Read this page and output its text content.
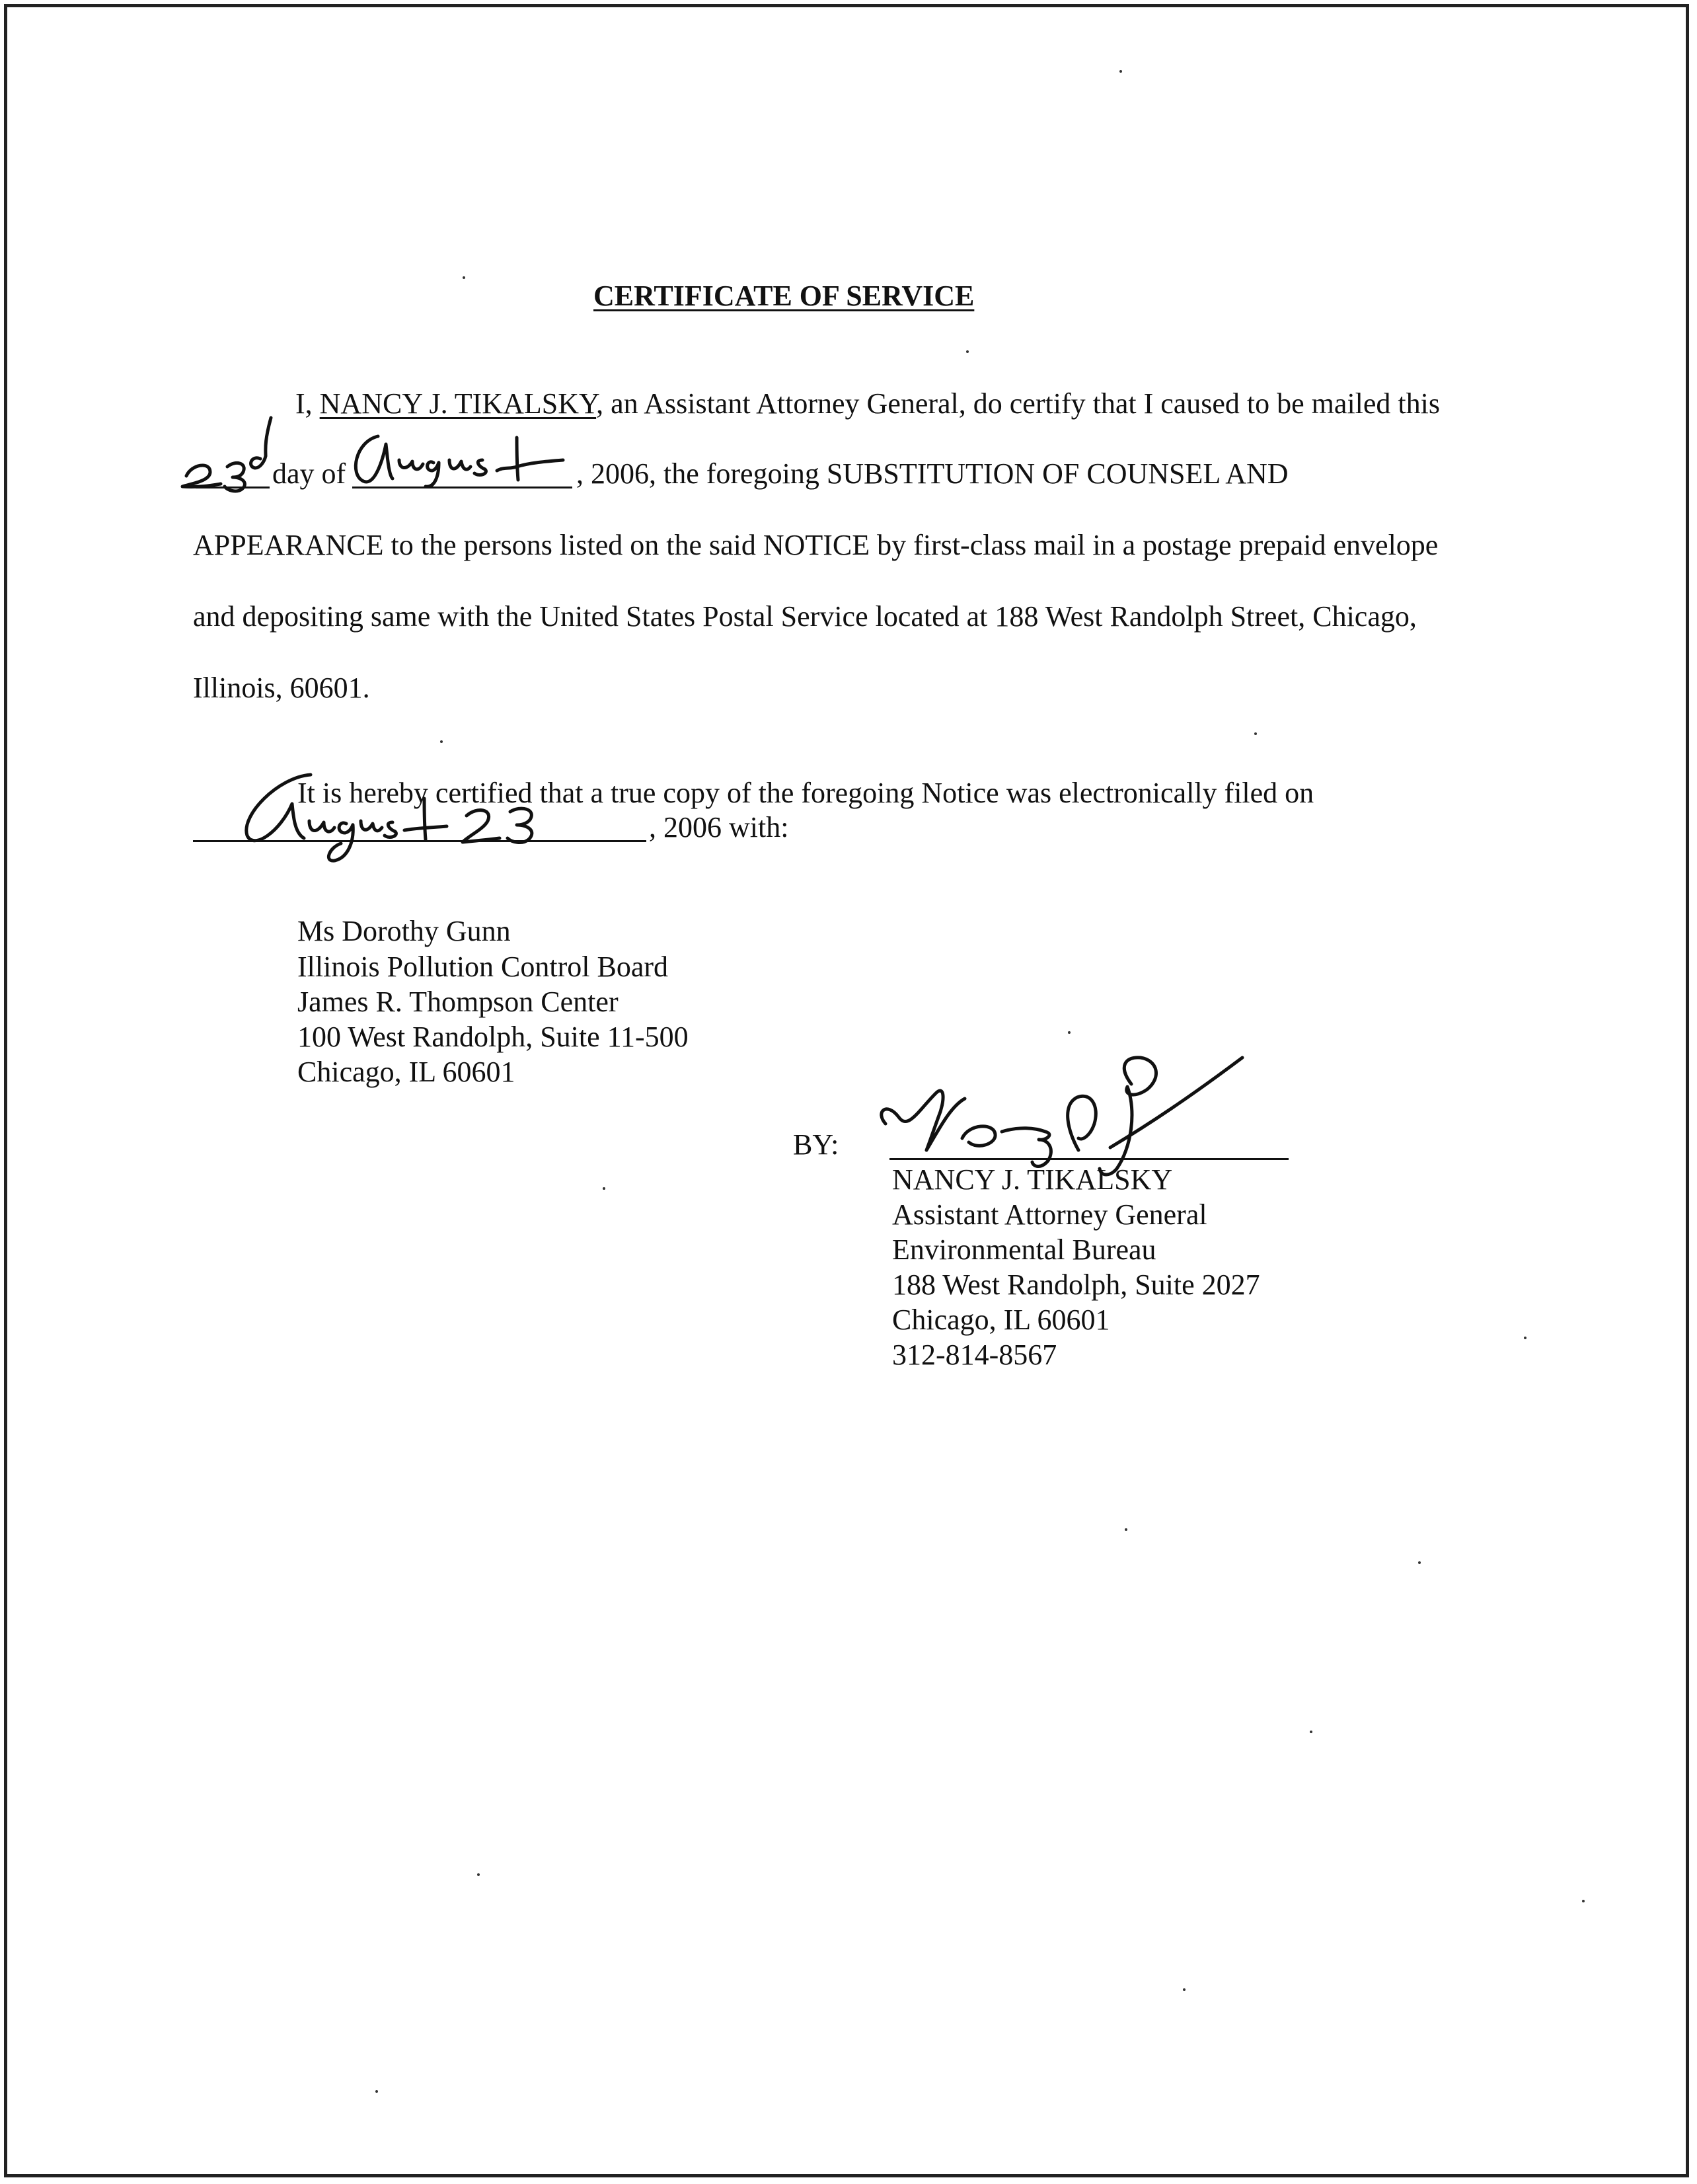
CERTIFICATE OF SERVICE
I, NANCY J. TIKALSKY, an Assistant Attorney General, do certify that I caused to be mailed this
day of	, 2006, the foregoing SUBSTITUTION OF COUNSEL AND
APPEARANCE to the persons listed on the said NOTICE by first-class mail in a postage prepaid envelope
and depositing same with the United States Postal Service located at 188 West Randolph Street, Chicago,
Illinois, 60601.
It is hereby certified that a true copy of the foregoing Notice was electronically filed on
, 2006 with:
Ms Dorothy Gunn
Illinois Pollution Control Board
James R. Thompson Center
100 West Randolph, Suite 11-500
Chicago, IL 60601
BY:
NANCY J. TIKALSKY
Assistant Attorney General
Environmental Bureau
188 West Randolph, Suite 2027
Chicago, IL 60601
312-814-8567
